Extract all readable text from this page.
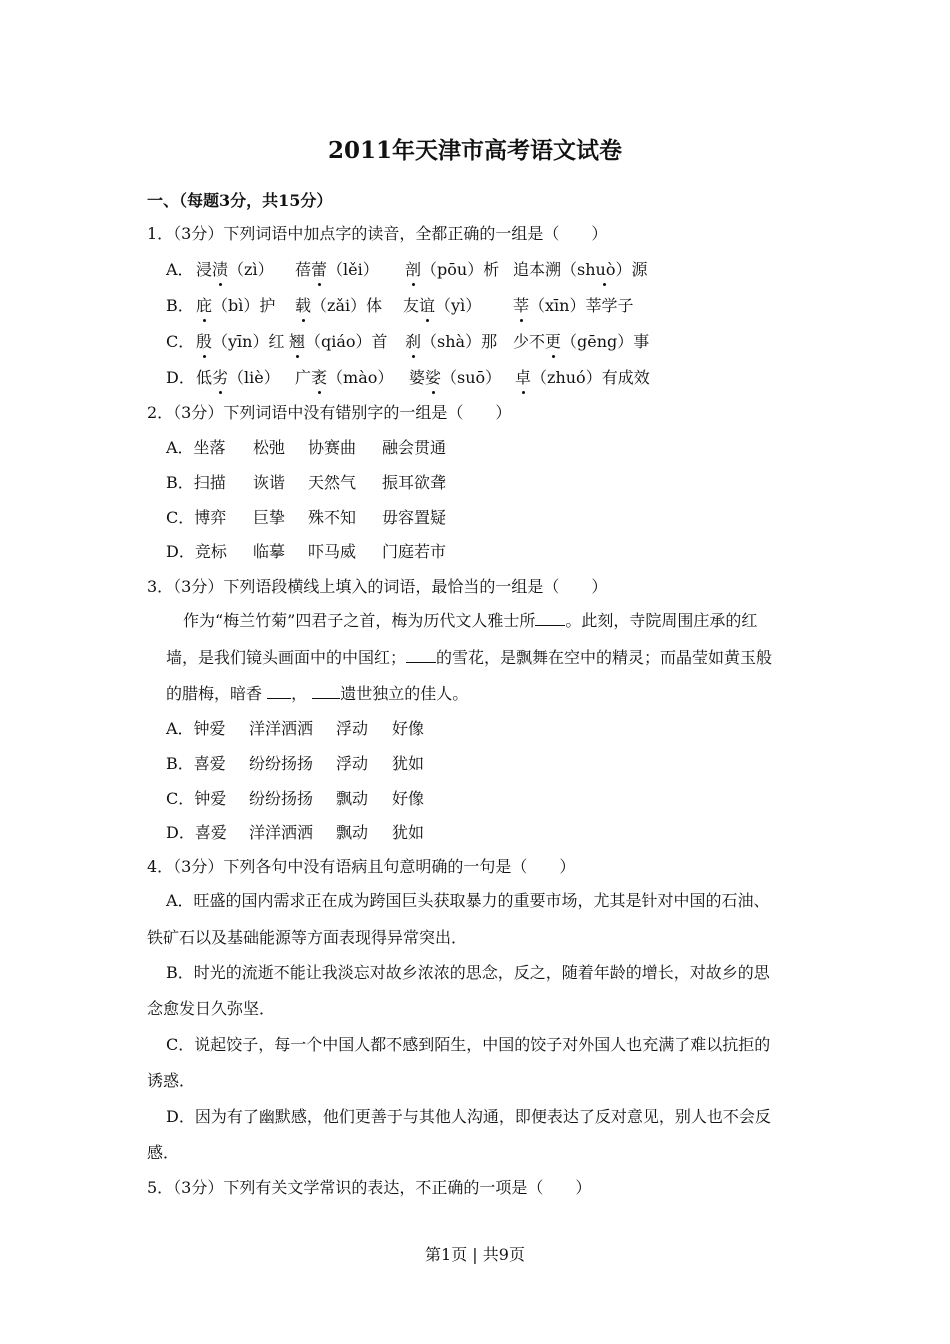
2011年天津市高考语文试卷
一、（每题3分，共15分）
1．（3分）下列词语中加点字的读音，全都正确的一组是（　　）
A． 浸渍（zì） 蓓蕾（lěi） 剖（pōu）析 追本溯（shuò）源
B． 庇（bì）护 载（zǎi）体 友谊（yì） 莘（xīn）莘学子
C． 殷（yīn）红 翘（qiáo）首 刹（shà）那 少不更（gēng）事
D． 低劣（liè） 广袤（mào） 婆娑（suō） 卓（zhuó）有成效
2．（3分）下列词语中没有错别字的一组是（　　）
A．坐落 松弛 协赛曲 融会贯通
B．扫描 诙谐 天然气 振耳欲聋
C．博弈 巨挚 殊不知 毋容置疑
D．竞标 临摹 吓马威 门庭若市
3．（3分）下列语段横线上填入的词语，最恰当的一组是（　　）
作为“梅兰竹菊”四君子之首，梅为历代文人雅士所 。此刻，寺院周围庄承的红
墙，是我们镜头画面中的中国红； 的雪花，是飘舞在空中的精灵；而晶莹如黄玉般
的腊梅，暗香 ， 遗世独立的佳人。
A．钟爱 洋洋洒洒 浮动 好像
B．喜爱 纷纷扬扬 浮动 犹如
C．钟爱 纷纷扬扬 飘动 好像
D．喜爱 洋洋洒洒 飘动 犹如
4．（3分）下列各句中没有语病且句意明确的一句是（　　）
A．旺盛的国内需求正在成为跨国巨头获取暴力的重要市场，尤其是针对中国的石油、
铁矿石以及基础能源等方面表现得异常突出．
B．时光的流逝不能让我淡忘对故乡浓浓的思念，反之，随着年龄的增长，对故乡的思
念愈发日久弥坚．
C．说起饺子，每一个中国人都不感到陌生，中国的饺子对外国人也充满了难以抗拒的
诱惑．
D．因为有了幽默感，他们更善于与其他人沟通，即便表达了反对意见，别人也不会反
感．
5．（3分）下列有关文学常识的表达，不正确的一项是（　　）
第1页 | 共9页
